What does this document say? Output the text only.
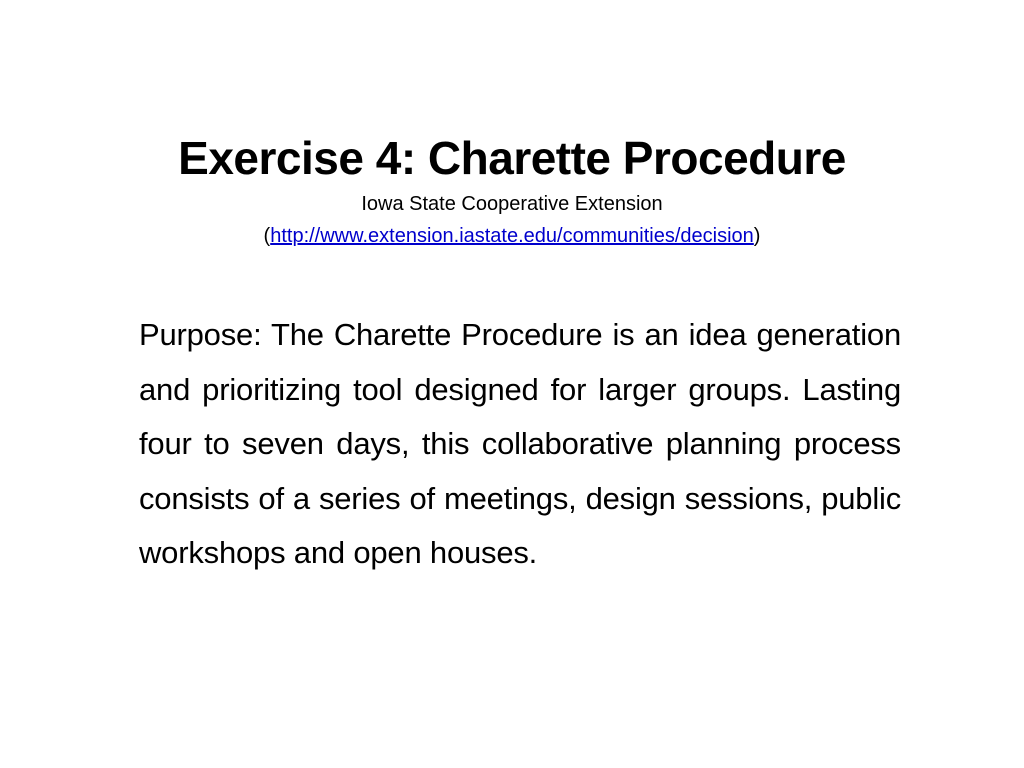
Exercise 4: Charette Procedure

Iowa State Cooperative Extension

(http://www.extension.iastate.edu/communities/decision)

Purpose: The Charette Procedure is an idea generation and prioritizing tool designed for larger groups. Lasting four to seven days, this collaborative planning process consists of a series of meetings, design sessions, public workshops and open houses.
